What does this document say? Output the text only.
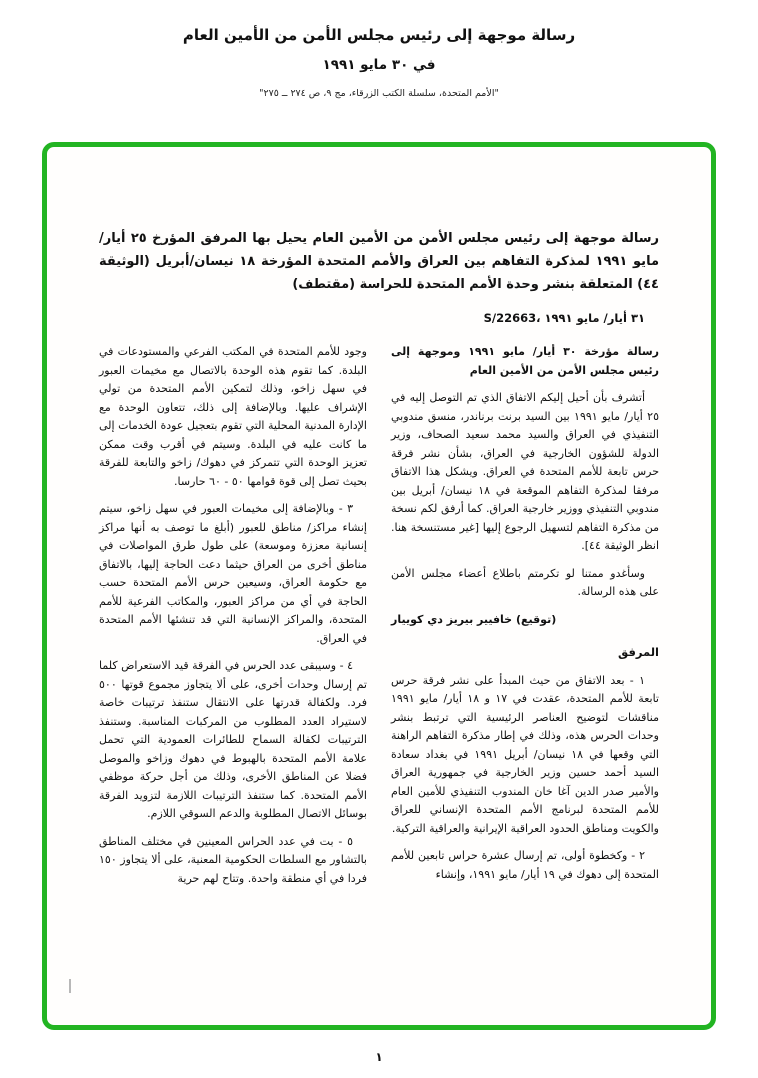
رسالة موجهة إلى رئيس مجلس الأمن من الأمين العام
في ٣٠ مايو ١٩٩١
"الأمم المتحدة، سلسلة الكتب الزرقاء، مج ٩، ص ٢٧٤ ــ ٢٧٥"
رسالة موجهة إلى رئيس مجلس الأمن من الأمين العام يحيل بها المرفق المؤرخ ٢٥ أيار/ مايو ١٩٩١ لمذكرة التفاهم بين العراق والأمم المتحدة المؤرخة ١٨ نيسان/أبريل (الوثيقة ٤٤) المتعلقة بنشر وحدة الأمم المتحدة للحراسة (مقتطف)
S/22663، ٣١ أيار/ مايو ١٩٩١

رسالة مؤرخة ٣٠ أيار/ مايو ١٩٩١ وموجهة إلى رئيس مجلس الأمن من الأمين العام

أتشرف بأن أحيل إليكم الاتفاق الذي تم التوصل إليه في ٢٥ أيار/ مايو ١٩٩١ بين السيد برنت برناندر، منسق مندوبي التنفيذي في العراق والسيد محمد سعيد الصحاف، وزير الدولة للشؤون الخارجية في العراق، بشأن نشر فرقة حرس تابعة للأمم المتحدة في العراق. ويشكل هذا الاتفاق مرفقا لمذكرة التفاهم الموقعة في ١٨ نيسان/ أبريل بين مندوبي التنفيذي ووزير خارجية العراق. كما أرفق لكم نسخة من مذكرة التفاهم لتسهيل الرجوع إليها [غير مستنسخة هنا. انظر الوثيقة ٤٤].

وسأغدو ممتنا لو تكرمتم باطلاع أعضاء مجلس الأمن على هذه الرسالة.

(توقيع) خافيير بيريز دي كوييار

المرفق

١ - بعد الاتفاق من حيث المبدأ على نشر فرقة حرس تابعة للأمم المتحدة، عقدت في ١٧ و ١٨ أيار/ مايو ١٩٩١ مناقشات لتوضيح العناصر الرئيسية التي ترتبط بنشر وحدات الحرس هذه، وذلك في إطار مذكرة التفاهم الراهنة التي وقعها في ١٨ نيسان/ أبريل ١٩٩١ في بغداد سعادة السيد أحمد حسين وزير الخارجية في جمهورية العراق والأمير صدر الدين آغا خان المندوب التنفيذي للأمين العام للأمم المتحدة لبرنامج الأمم المتحدة الإنساني للعراق والكويت ومناطق الحدود العراقية الإيرانية والعراقية التركية.

٢ - وكخطوة أولى، تم إرسال عشرة حراس تابعين للأمم المتحدة إلى دهوك في ١٩ أيار/ مايو ١٩٩١، وإنشاء

وجود للأمم المتحدة في المكتب الفرعي والمستودعات في البلدة. كما تقوم هذه الوحدة بالاتصال مع مخيمات العبور في سهل زاخو، وذلك لتمكين الأمم المتحدة من تولي الإشراف عليها. وبالإضافة إلى ذلك، تتعاون الوحدة مع الإدارة المدنية المحلية التي تقوم بتعجيل عودة الخدمات إلى ما كانت عليه في البلدة. وسيتم في أقرب وقت ممكن تعزيز الوحدة التي تتمركز في دهوك/ زاخو والتابعة للفرقة بحيث تصل إلى قوة قوامها ٥٠ - ٦٠ حارسا.

٣ - وبالإضافة إلى مخيمات العبور في سهل زاخو، سيتم إنشاء مراكز/ مناطق للعبور (أبلغ ما توصف به أنها مراكز إنسانية معززة وموسعة) على طول طرق المواصلات في مناطق أخرى من العراق حيثما دعت الحاجة إليها، بالاتفاق مع حكومة العراق، وسيعين حرس الأمم المتحدة حسب الحاجة في أي من مراكز العبور، والمكاتب الفرعية للأمم المتحدة، والمراكز الإنسانية التي قد تنشئها الأمم المتحدة في العراق.

٤ - وسيبقى عدد الحرس في الفرقة قيد الاستعراض كلما تم إرسال وحدات أخرى، على ألا يتجاوز مجموع قوتها ٥٠٠ فرد. ولكفالة قدرتها على الانتقال ستنفذ ترتيبات خاصة لاستيراد العدد المطلوب من المركبات المناسبة. وستنفذ الترتيبات لكفالة السماح للطائرات العمودية التي تحمل علامة الأمم المتحدة بالهبوط في دهوك وزاخو والموصل فضلا عن المناطق الأخرى، وذلك من أجل حركة موظفي الأمم المتحدة. كما ستنفذ الترتيبات اللازمة لتزويد الفرقة بوسائل الاتصال المطلوبة والدعم السوقي اللازم.

٥ - بت في عدد الحراس المعينين في مختلف المناطق بالتشاور مع السلطات الحكومية المعنية، على ألا يتجاوز ١٥٠ فردا في أي منطقة واحدة. وتتاح لهم حرية

١
